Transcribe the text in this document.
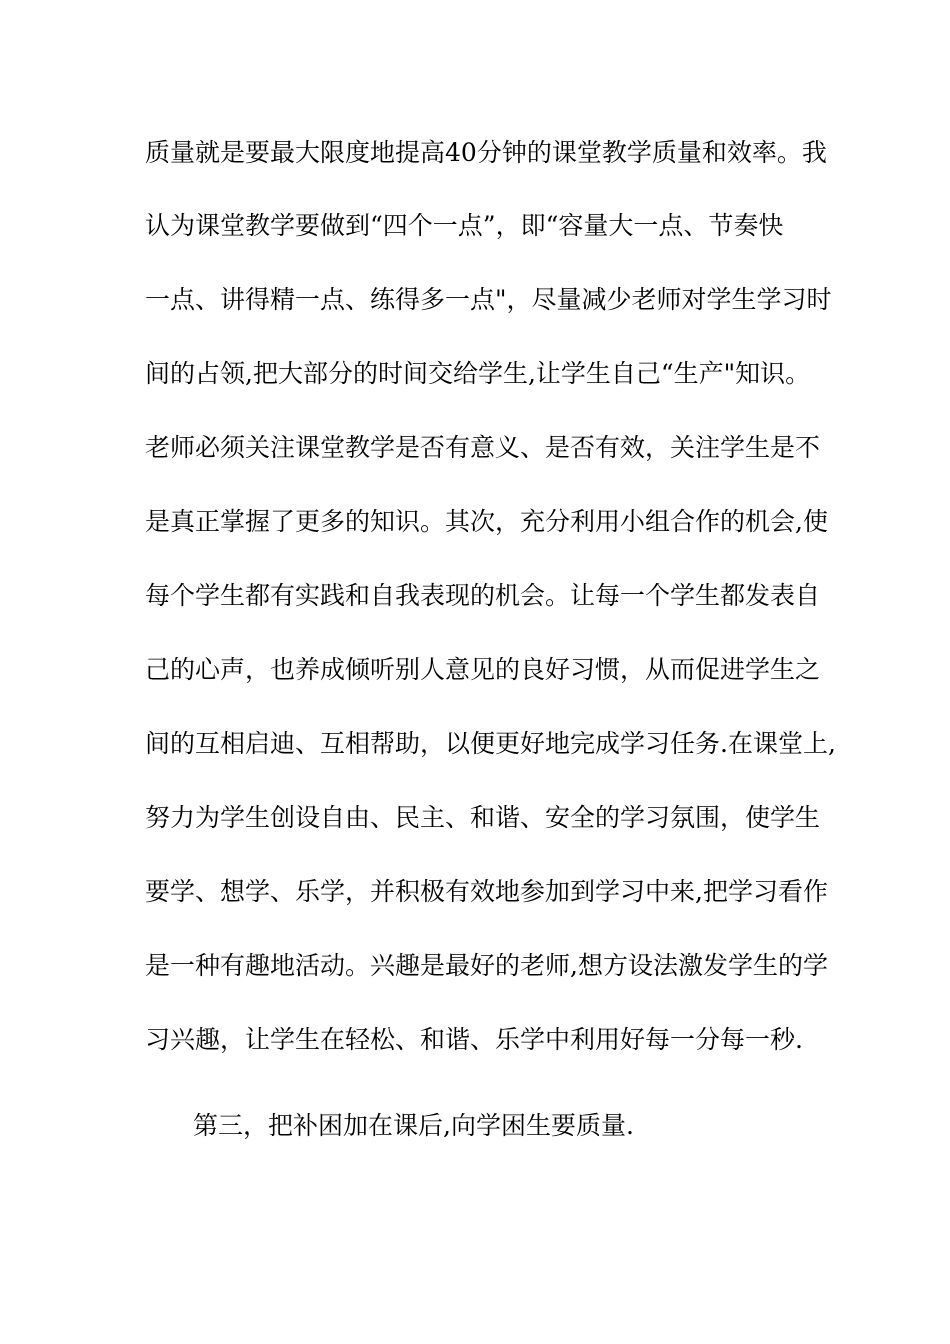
质量就是要最大限度地提高40分钟的课堂教学质量和效率。我
认为课堂教学要做到“四个一点”，即“容量大一点、节奏快
一点、讲得精一点、练得多一点"，尽量减少老师对学生学习时
间的占领,把大部分的时间交给学生,让学生自己“生产"知识。
老师必须关注课堂教学是否有意义、是否有效，关注学生是不
是真正掌握了更多的知识。其次，充分利用小组合作的机会,使
每个学生都有实践和自我表现的机会。让每一个学生都发表自
己的心声，也养成倾听别人意见的良好习惯，从而促进学生之
间的互相启迪、互相帮助，以便更好地完成学习任务.在课堂上,
努力为学生创设自由、民主、和谐、安全的学习氛围，使学生
要学、想学、乐学，并积极有效地参加到学习中来,把学习看作
是一种有趣地活动。兴趣是最好的老师,想方设法激发学生的学
习兴趣，让学生在轻松、和谐、乐学中利用好每一分每一秒.
第三，把补困加在课后,向学困生要质量.
